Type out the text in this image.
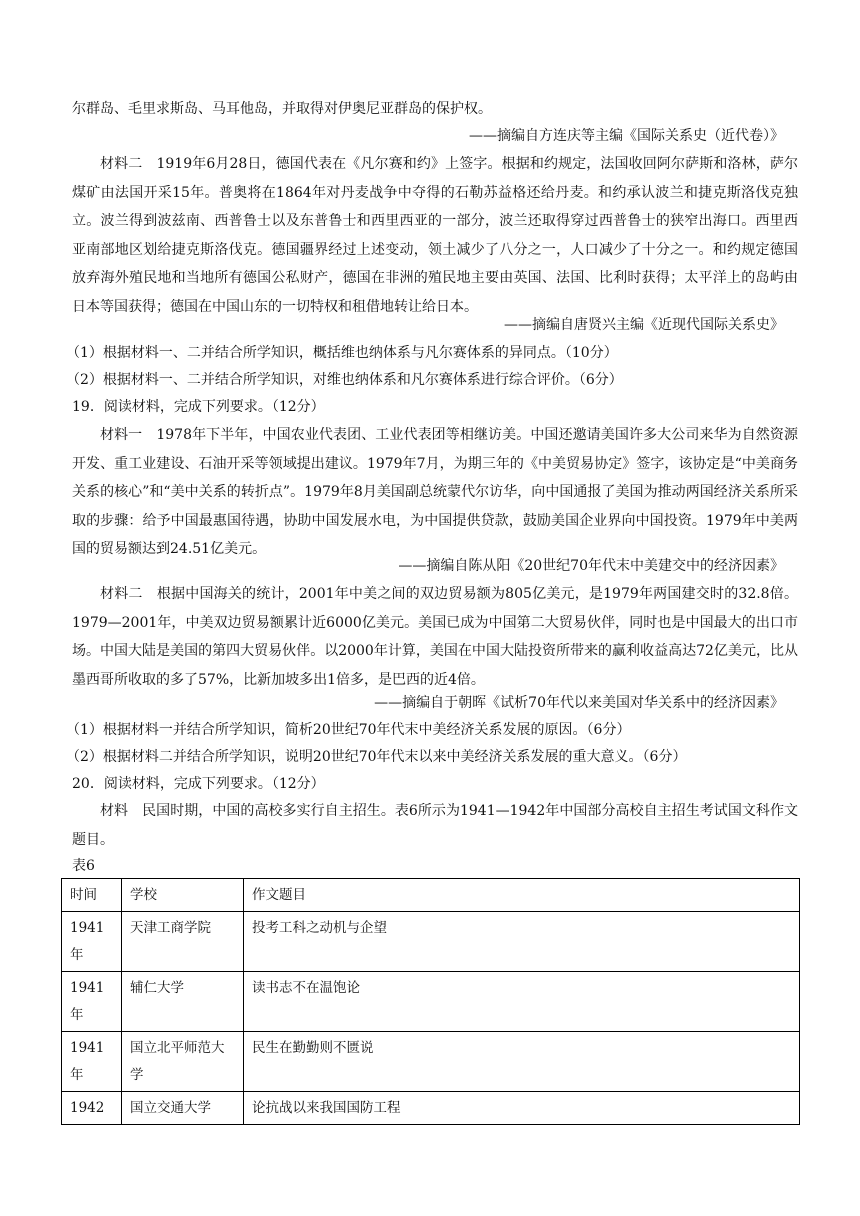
尔群岛、毛里求斯岛、马耳他岛，并取得对伊奥尼亚群岛的保护权。

——摘编自方连庆等主编《国际关系史（近代卷）》

材料二　1919年6月28日，德国代表在《凡尔赛和约》上签字。根据和约规定，法国收回阿尔萨斯和洛林，萨尔煤矿由法国开采15年。普奥将在1864年对丹麦战争中夺得的石勒苏益格还给丹麦。和约承认波兰和捷克斯洛伐克独立。波兰得到波兹南、西普鲁士以及东普鲁士和西里西亚的一部分，波兰还取得穿过西普鲁士的狭窄出海口。西里西亚南部地区划给捷克斯洛伐克。德国疆界经过上述变动，领土减少了八分之一，人口减少了十分之一。和约规定德国放弃海外殖民地和当地所有德国公私财产，德国在非洲的殖民地主要由英国、法国、比利时获得；太平洋上的岛屿由日本等国获得；德国在中国山东的一切特权和租借地转让给日本。

——摘编自唐贤兴主编《近现代国际关系史》

（1）根据材料一、二并结合所学知识，概括维也纳体系与凡尔赛体系的异同点。（10分）

（2）根据材料一、二并结合所学知识，对维也纳体系和凡尔赛体系进行综合评价。（6分）

19．阅读材料，完成下列要求。（12分）

材料一　1978年下半年，中国农业代表团、工业代表团等相继访美。中国还邀请美国许多大公司来华为自然资源开发、重工业建设、石油开采等领域提出建议。1979年7月，为期三年的《中美贸易协定》签字，该协定是“中美商务关系的核心”和“美中关系的转折点”。1979年8月美国副总统蒙代尔访华，向中国通报了美国为推动两国经济关系所采取的步骤：给予中国最惠国待遇，协助中国发展水电，为中国提供贷款，鼓励美国企业界向中国投资。1979年中美两国的贸易额达到24.51亿美元。

——摘编自陈从阳《20世纪70年代末中美建交中的经济因素》

材料二　根据中国海关的统计，2001年中美之间的双边贸易额为805亿美元，是1979年两国建交时的32.8倍。1979—2001年，中美双边贸易额累计近6000亿美元。美国已成为中国第二大贸易伙伴，同时也是中国最大的出口市场。中国大陆是美国的第四大贸易伙伴。以2000年计算，美国在中国大陆投资所带来的赢利收益高达72亿美元，比从墨西哥所收取的多了57%，比新加坡多出1倍多，是巴西的近4倍。

——摘编自于朝晖《试析70年代以来美国对华关系中的经济因素》

（1）根据材料一并结合所学知识，简析20世纪70年代末中美经济关系发展的原因。（6分）

（2）根据材料二并结合所学知识，说明20世纪70年代末以来中美经济关系发展的重大意义。（6分）

20．阅读材料，完成下列要求。（12分）

材料　民国时期，中国的高校多实行自主招生。表6所示为1941—1942年中国部分高校自主招生考试国文科作文题目。

表6

时间	学校	作文题目
1941年	天津工商学院	投考工科之动机与企望
1941年	辅仁大学	读书志不在温饱论
1941年	国立北平师范大学	民生在勤勤则不匮说
1942	国立交通大学	论抗战以来我国国防工程
